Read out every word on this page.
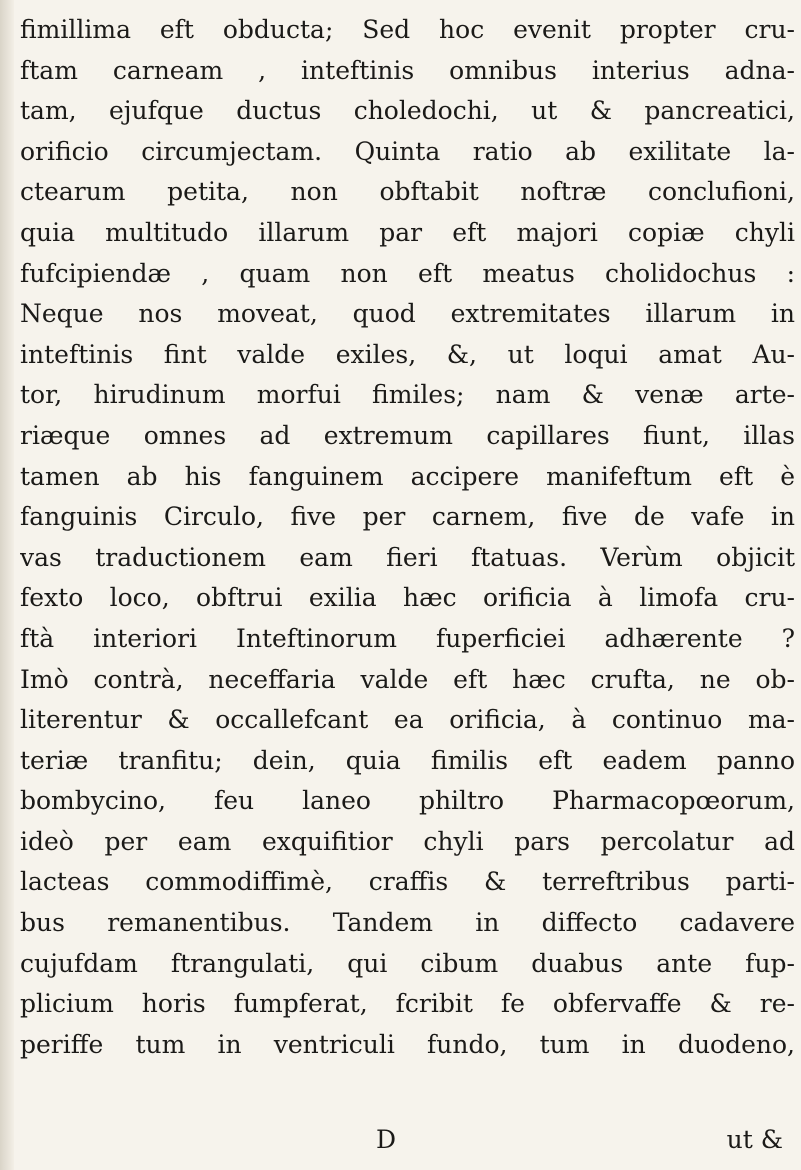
fimillima eft obducta; Sed hoc evenit propter cru-
ftam carneam , inteftinis omnibus interius adna-
tam, ejufque ductus choledochi, ut & pancreatici,
orificio circumjectam. Quinta ratio ab exilitate la-
ctearum petita, non obftabit noftræ conclufioni,
quia multitudo illarum par eft majori copiæ chyli
fufcipiendæ , quam non eft meatus cholidochus :
Neque nos moveat, quod extremitates illarum in
inteftinis fint valde exiles, &, ut loqui amat Au-
tor, hirudinum morfui fimiles; nam & venæ arte-
riæque omnes ad extremum capillares fiunt, illas
tamen ab his fanguinem accipere manifeftum eft è
fanguinis Circulo, five per carnem, five de vafe in
vas traductionem eam fieri ftatuas. Verùm objicit
fexto loco, obftrui exilia hæc orificia à limofa cru-
ftà interiori Inteftinorum fuperficiei adhærente ?
Imò contrà, neceffaria valde eft hæc crufta, ne ob-
literentur & occallefcant ea orificia, à continuo ma-
teriæ tranfitu; dein, quia fimilis eft eadem panno
bombycino, feu laneo philtro Pharmacopœorum,
ideò per eam exquifitior chyli pars percolatur ad
lacteas commodiffimè, craffis & terreftribus parti-
bus remanentibus. Tandem in diffecto cadavere
cujufdam ftrangulati, qui cibum duabus ante fup-
plicium horis fumpferat, fcribit fe obfervaffe & re-
periffe tum in ventriculi fundo, tum in duodeno,
D	ut &
